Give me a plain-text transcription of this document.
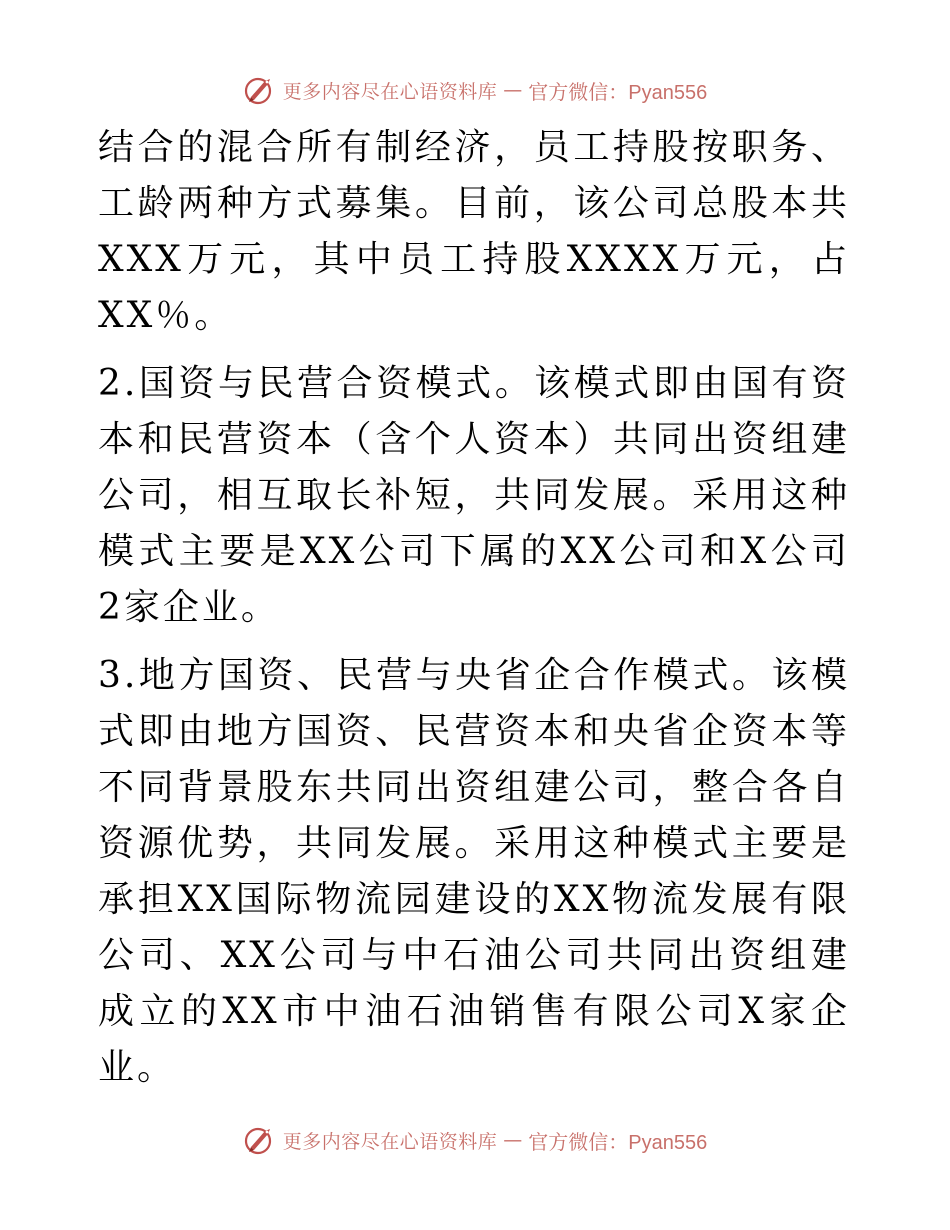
更多内容尽在心语资料库 — 官方微信：Pyan556

结合的混合所有制经济，员工持股按职务、工龄两种方式募集。目前，该公司总股本共XXX万元，其中员工持股XXXX万元，占XX％。

2.国资与民营合资模式。该模式即由国有资本和民营资本（含个人资本）共同出资组建公司，相互取长补短，共同发展。采用这种模式主要是XX公司下属的XX公司和X公司2家企业。

3.地方国资、民营与央省企合作模式。该模式即由地方国资、民营资本和央省企资本等不同背景股东共同出资组建公司，整合各自资源优势，共同发展。采用这种模式主要是承担XX国际物流园建设的XX物流发展有限公司、XX公司与中石油公司共同出资组建成立的XX市中油石油销售有限公司X家企业。

更多内容尽在心语资料库 — 官方微信：Pyan556
